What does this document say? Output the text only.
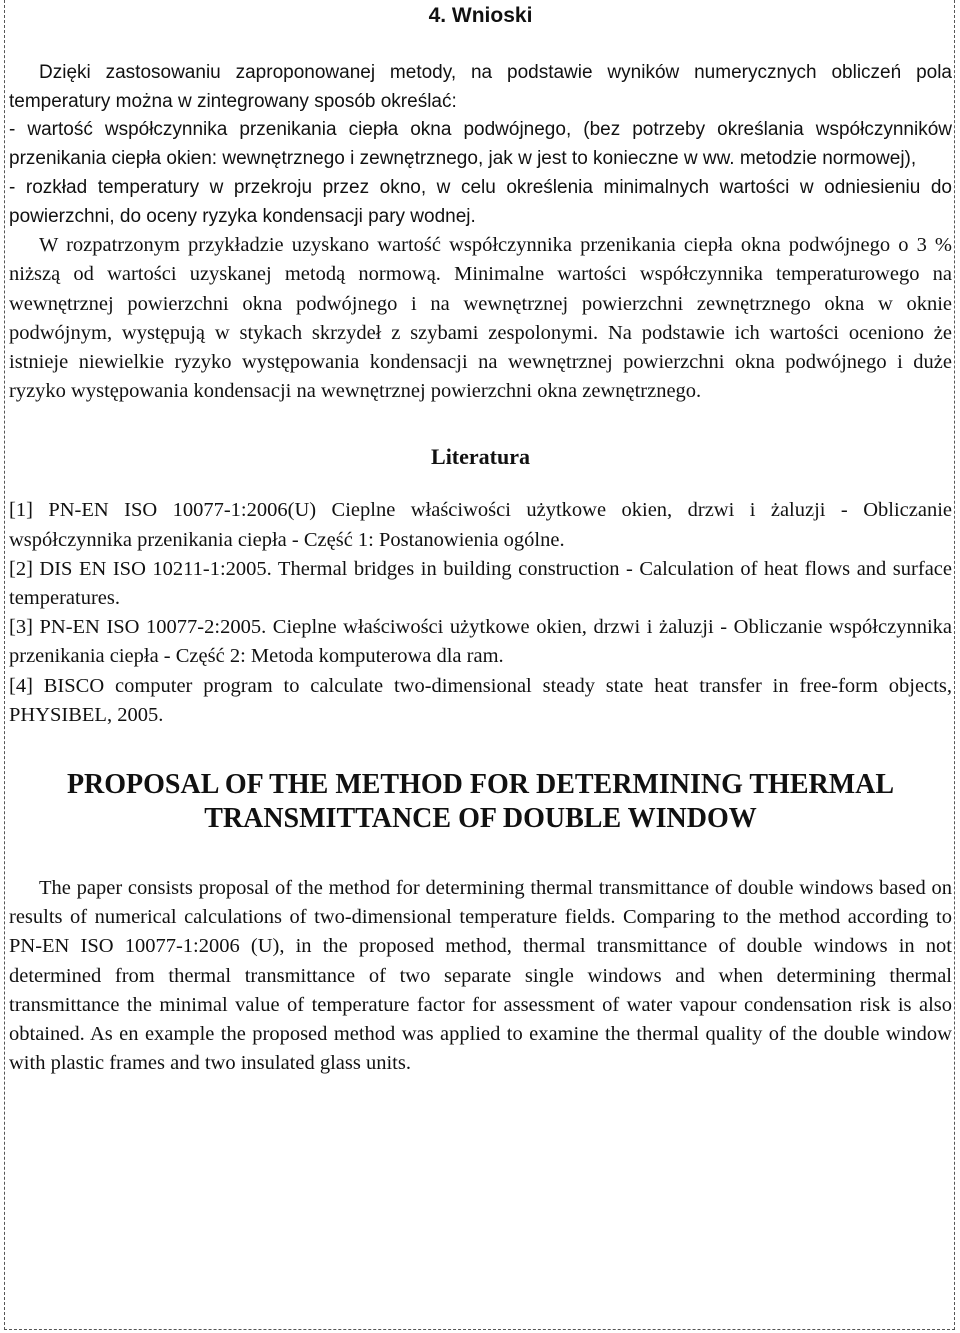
4. Wnioski

Dzięki zastosowaniu zaproponowanej metody, na podstawie wyników numerycznych obliczeń pola temperatury można w zintegrowany sposób określać:

- wartość współczynnika przenikania ciepła okna podwójnego, (bez potrzeby określania współczynników przenikania ciepła okien: wewnętrznego i zewnętrznego, jak w jest to konieczne w ww. metodzie normowej),

- rozkład temperatury w przekroju przez okno, w celu określenia minimalnych wartości w odniesieniu do powierzchni, do oceny ryzyka kondensacji pary wodnej.

W rozpatrzonym przykładzie uzyskano wartość współczynnika przenikania ciepła okna podwójnego o 3 % niższą od wartości uzyskanej metodą normową. Minimalne wartości współczynnika temperaturowego na wewnętrznej powierzchni okna podwójnego i na wewnętrznej powierzchni zewnętrznego okna w oknie podwójnym, występują w stykach skrzydeł z szybami zespolonymi. Na podstawie ich wartości oceniono że istnieje niewielkie ryzyko występowania kondensacji na wewnętrznej powierzchni okna podwójnego i duże ryzyko występowania kondensacji na wewnętrznej powierzchni okna zewnętrznego.

Literatura

[1] PN-EN ISO 10077-1:2006(U) Cieplne właściwości użytkowe okien, drzwi i żaluzji - Obliczanie współczynnika przenikania ciepła - Część 1: Postanowienia ogólne.

[2] DIS EN ISO 10211-1:2005. Thermal bridges in building construction - Calculation of heat flows and surface temperatures.

[3] PN-EN ISO 10077-2:2005. Cieplne właściwości użytkowe okien, drzwi i żaluzji - Obliczanie współczynnika przenikania ciepła - Część 2: Metoda komputerowa dla ram.

[4] BISCO computer program to calculate two-dimensional steady state heat transfer in free-form objects, PHYSIBEL, 2005.

PROPOSAL OF THE METHOD FOR DETERMINING THERMAL
TRANSMITTANCE OF DOUBLE WINDOW

The paper consists proposal of the method for determining thermal transmittance of double windows based on results of numerical calculations of two-dimensional temperature fields. Comparing to the method according to PN-EN ISO 10077-1:2006 (U), in the proposed method, thermal transmittance of double windows in not determined from thermal transmittance of two separate single windows and when determining thermal transmittance the minimal value of temperature factor for assessment of water vapour condensation risk is also obtained. As en example the proposed method was applied to examine the thermal quality of the double window with plastic frames and two insulated glass units.
